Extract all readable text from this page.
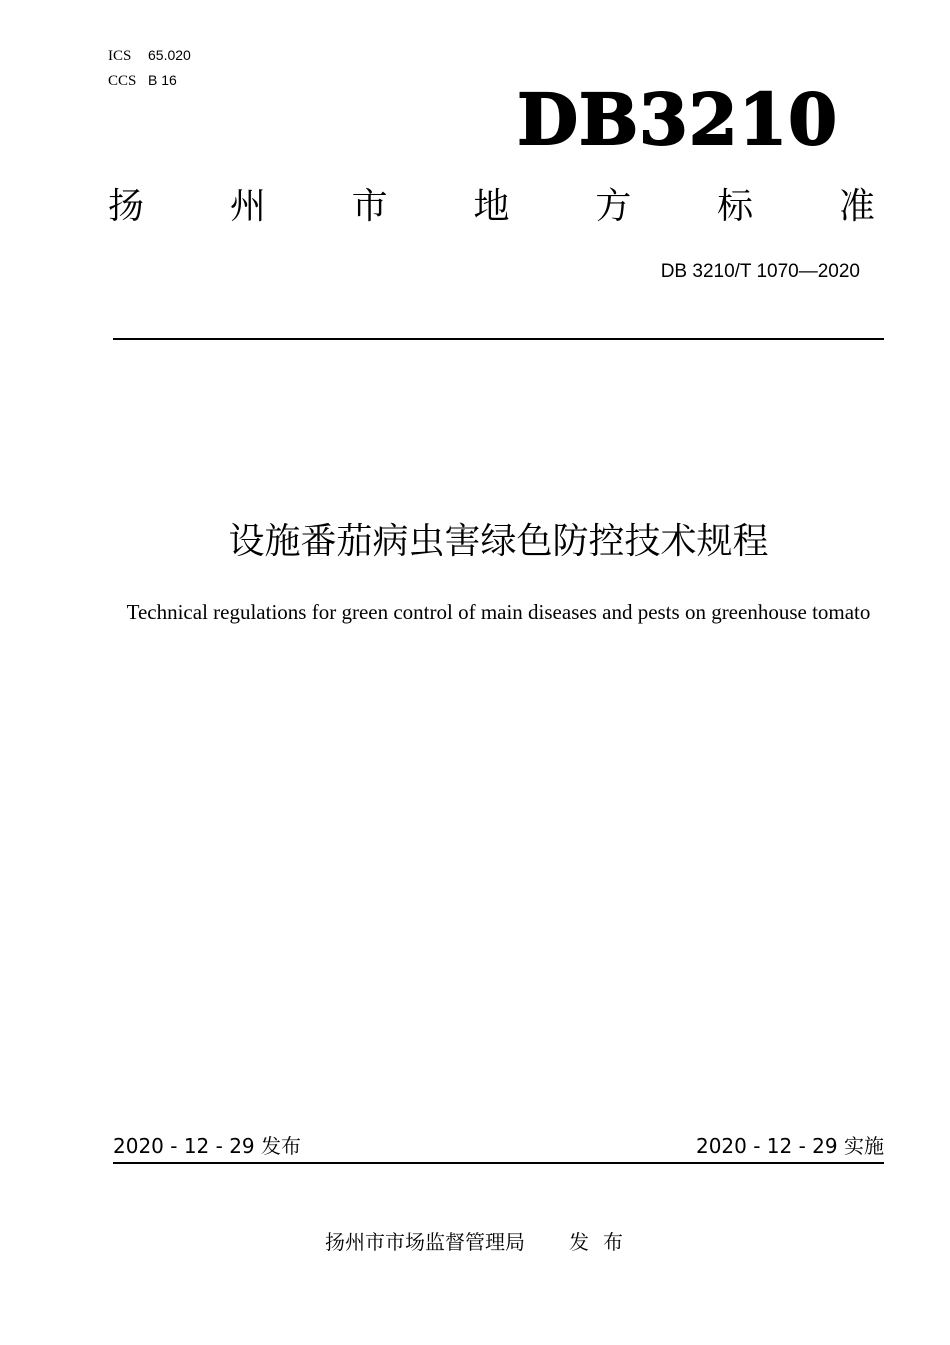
ICS 65.020
CCS B 16	DB3210
扬 州 市 地 方 标 准
DB 3210/T 1070—2020
设施番茄病虫害绿色防控技术规程
Technical regulations for green control of main diseases and pests on greenhouse tomato
2020 - 12 - 29 发布	2020 - 12 - 29 实施
扬州市市场监督管理局 发布
